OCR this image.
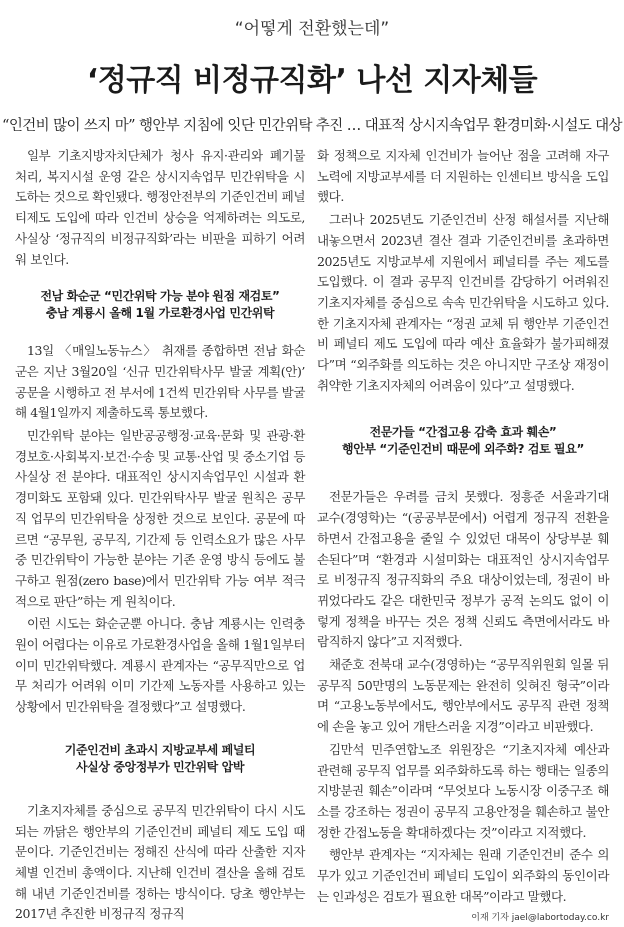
“어떻게 전환했는데”
‘정규직 비정규직화’ 나선 지자체들
“인건비 많이 쓰지 마” 행안부 지침에 잇단 민간위탁 추진 … 대표적 상시지속업무 환경미화·시설도 대상

일부 기초지방자치단체가 청사 유지·관리와 폐기물 처리, 복지시설 운영 같은 상시지속업무 민간위탁을 시도하는 것으로 확인됐다. 행정안전부의 기준인건비 페널티제도 도입에 따라 인건비 상승을 억제하려는 의도로, 사실상 ‘정규직의 비정규직화’라는 비판을 피하기 어려워 보인다.

전남 화순군 “민간위탁 가능 분야 원점 재검토”
충남 계룡시 올해 1월 가로환경사업 민간위탁

13일 〈매일노동뉴스〉 취재를 종합하면 전남 화순군은 지난 3월20일 ‘신규 민간위탁사무 발굴 계획(안)’ 공문을 시행하고 전 부서에 1건씩 민간위탁 사무를 발굴해 4월1일까지 제출하도록 통보했다.

민간위탁 분야는 일반공공행정·교육·문화 및 관광·환경보호·사회복지·보건·수송 및 교통·산업 및 중소기업 등 사실상 전 분야다. 대표적인 상시지속업무인 시설과 환경미화도 포함돼 있다. 민간위탁사무 발굴 원칙은 공무직 업무의 민간위탁을 상정한 것으로 보인다. 공문에 따르면 “공무원, 공무직, 기간제 등 인력소요가 많은 사무 중 민간위탁이 가능한 분야는 기존 운영 방식 등에도 불구하고 원점(zero base)에서 민간위탁 가능 여부 적극적으로 판단”하는 게 원칙이다.

이런 시도는 화순군뿐 아니다. 충남 계룡시는 인력충원이 어렵다는 이유로 가로환경사업을 올해 1월1일부터 이미 민간위탁했다. 계룡시 관계자는 “공무직만으로 업무 처리가 어려워 이미 기간제 노동자를 사용하고 있는 상황에서 민간위탁을 결정했다”고 설명했다.

기준인건비 초과시 지방교부세 페널티
사실상 중앙정부가 민간위탁 압박

기초지자체를 중심으로 공무직 민간위탁이 다시 시도되는 까닭은 행안부의 기준인건비 페널티 제도 도입 때문이다. 기준인건비는 정해진 산식에 따라 산출한 지자체별 인건비 총액이다. 지난해 인건비 결산을 올해 검토해 내년 기준인건비를 정하는 방식이다. 당초 행안부는 2017년 추진한 비정규직 정규직

화 정책으로 지자체 인건비가 늘어난 점을 고려해 자구노력에 지방교부세를 더 지원하는 인센티브 방식을 도입했다.

그러나 2025년도 기준인건비 산정 해설서를 지난해 내놓으면서 2023년 결산 결과 기준인건비를 초과하면 2025년도 지방교부세 지원에서 페널티를 주는 제도를 도입했다. 이 결과 공무직 인건비를 감당하기 어려워진 기초지자체를 중심으로 속속 민간위탁을 시도하고 있다. 한 기초지자체 관계자는 “정권 교체 뒤 행안부 기준인건비 페널티 제도 도입에 따라 예산 효율화가 불가피해졌다”며 “외주화를 의도하는 것은 아니지만 구조상 재정이 취약한 기초지자체의 어려움이 있다”고 설명했다.

전문가들 “간접고용 감축 효과 훼손”
행안부 “기준인건비 때문에 외주화? 검토 필요”

전문가들은 우려를 금치 못했다. 정흥준 서울과기대 교수(경영학)는 “(공공부문에서) 어렵게 정규직 전환을 하면서 간접고용을 줄일 수 있었던 대목이 상당부분 훼손된다”며 “환경과 시설미화는 대표적인 상시지속업무로 비정규직 정규직화의 주요 대상이었는데, 정권이 바뀌었다라도 같은 대한민국 정부가 공적 논의도 없이 이렇게 정책을 바꾸는 것은 정책 신뢰도 측면에서라도 바람직하지 않다”고 지적했다.

채준호 전북대 교수(경영하)는 “공무직위원회 일몰 뒤 공무직 50만명의 노동문제는 완전히 잊혀진 형국”이라며 “고용노동부에서도, 행안부에서도 공무직 관련 정책에 손을 놓고 있어 개탄스러울 지경”이라고 비판했다.

김만석 민주연합노조 위원장은 “기초지자체 예산과 관련해 공무직 업무를 외주화하도록 하는 행태는 일종의 지방분권 훼손”이라며 “무엇보다 노동시장 이중구조 해소를 강조하는 정권이 공무직 고용안정을 훼손하고 불안정한 간접노동을 확대하겠다는 것”이라고 지적했다.

행안부 관계자는 “지자체는 원래 기준인건비 준수 의무가 있고 기준인건비 페널티 도입이 외주화의 동인이라는 인과성은 검토가 필요한 대목”이라고 말했다.

이재 기자 jael@labortoday.co.kr
